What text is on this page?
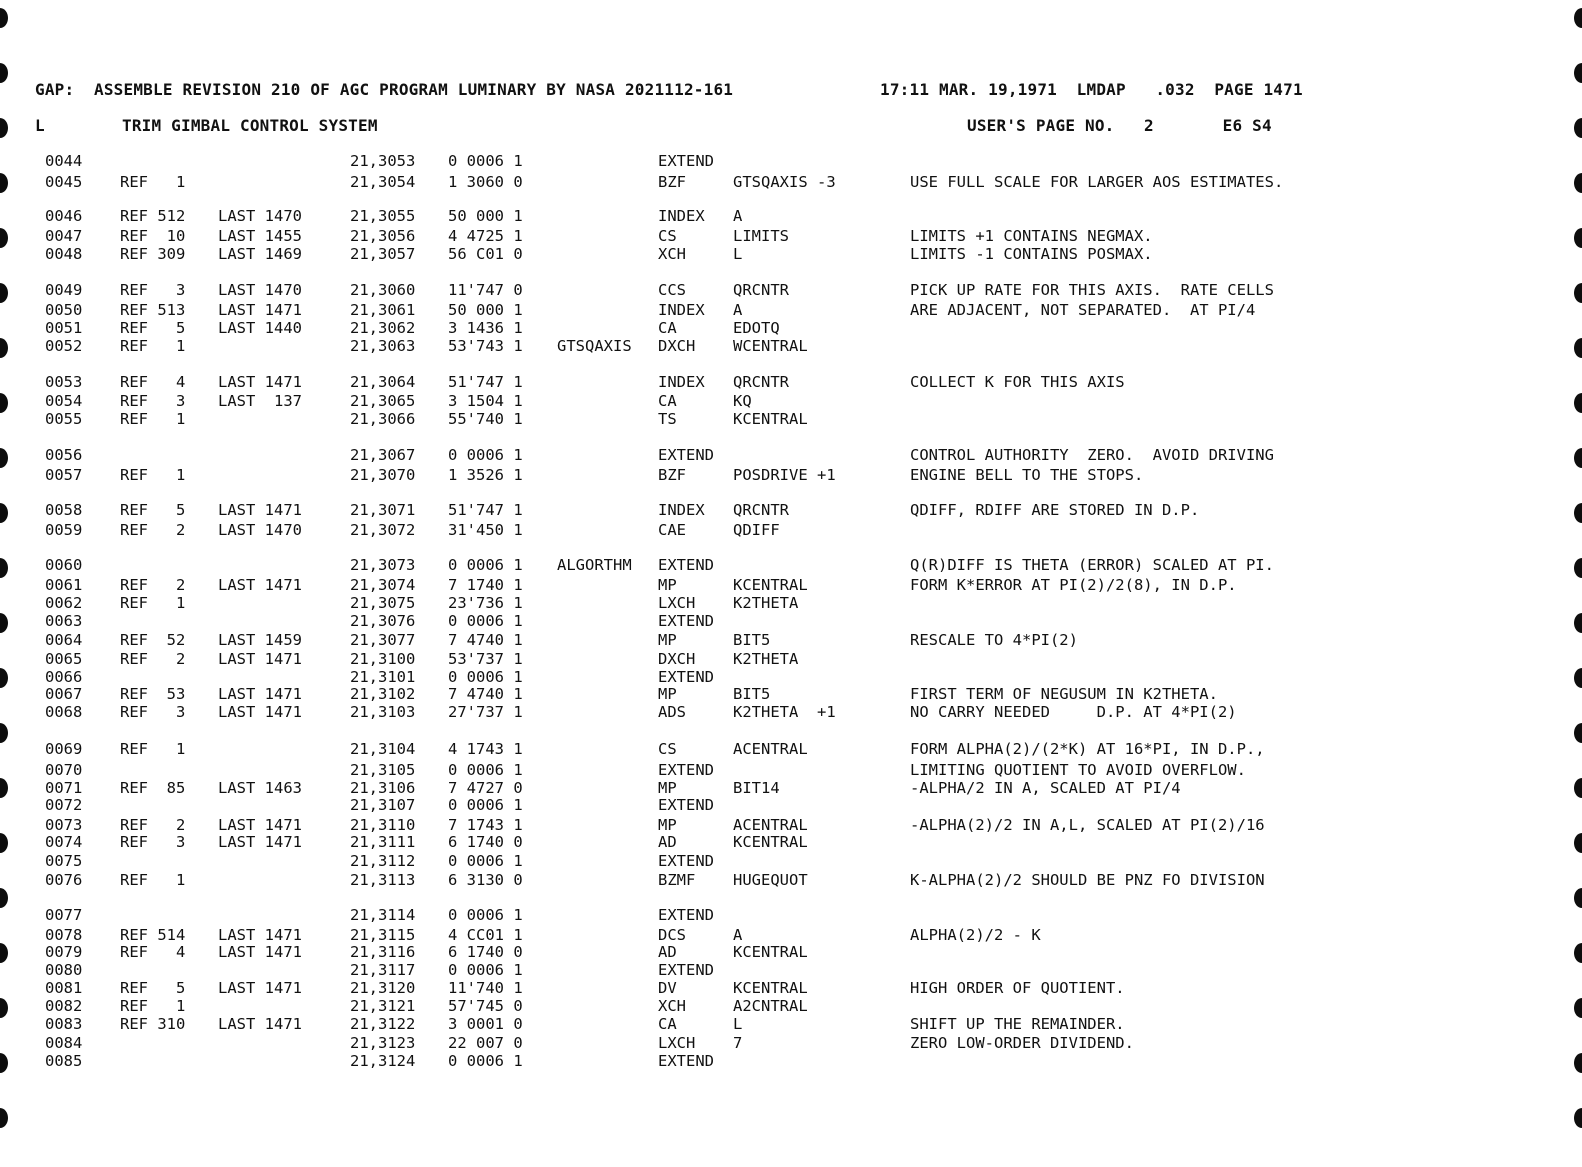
GAP:  ASSEMBLE REVISION 210 OF AGC PROGRAM LUMINARY BY NASA 2021112-161	17:11 MAR. 19,1971  LMDAP   .032  PAGE 1471
L	TRIM GIMBAL CONTROL SYSTEM	USER'S PAGE NO.   2       E6 S4
0044	21,3053 0 0006 1	EXTEND
0045 REF   1	21,3054 1 3060 0	BZF	GTSQAXIS -3	USE FULL SCALE FOR LARGER AOS ESTIMATES.
0046 REF 512 LAST 1470	21,3055 50 000 1	INDEX A
0047 REF  10 LAST 1455	21,3056 4 4725 1	CS	LIMITS	LIMITS +1 CONTAINS NEGMAX.
0048 REF 309 LAST 1469	21,3057 56 C01 0	XCH	L	LIMITS -1 CONTAINS POSMAX.
0049 REF   3 LAST 1470	21,3060 11'747 0	CCS	QRCNTR	PICK UP RATE FOR THIS AXIS.  RATE CELLS
0050 REF 513 LAST 1471	21,3061 50 000 1	INDEX A	ARE ADJACENT, NOT SEPARATED.  AT PI/4
0051 REF   5 LAST 1440	21,3062 3 1436 1	CA	EDOTQ
0052 REF   1	21,3063 53'743 1 GTSQAXIS DXCH WCENTRAL
0053 REF   4 LAST 1471	21,3064 51'747 1	INDEX QRCNTR	COLLECT K FOR THIS AXIS
0054 REF   3 LAST  137	21,3065 3 1504 1	CA	KQ
0055 REF   1	21,3066 55'740 1	TS	KCENTRAL
0056	21,3067 0 0006 1	EXTEND	CONTROL AUTHORITY  ZERO.  AVOID DRIVING
0057 REF   1	21,3070 1 3526 1	BZF	POSDRIVE +1	ENGINE BELL TO THE STOPS.
0058 REF   5 LAST 1471	21,3071 51'747 1	INDEX QRCNTR	QDIFF, RDIFF ARE STORED IN D.P.
0059 REF   2 LAST 1470	21,3072 31'450 1	CAE	QDIFF
0060	21,3073 0 0006 1 ALGORTHM EXTEND	Q(R)DIFF IS THETA (ERROR) SCALED AT PI.
0061 REF   2 LAST 1471	21,3074 7 1740 1	MP	KCENTRAL	FORM K*ERROR AT PI(2)/2(8), IN D.P.
0062 REF   1	21,3075 23'736 1	LXCH K2THETA
0063	21,3076 0 0006 1	EXTEND
0064 REF  52 LAST 1459	21,3077 7 4740 1	MP	BIT5	RESCALE TO 4*PI(2)
0065 REF   2 LAST 1471	21,3100 53'737 1	DXCH K2THETA
0066	21,3101 0 0006 1	EXTEND
0067 REF  53 LAST 1471	21,3102 7 4740 1	MP	BIT5	FIRST TERM OF NEGUSUM IN K2THETA.
0068 REF   3 LAST 1471	21,3103 27'737 1	ADS	K2THETA  +1	NO CARRY NEEDED     D.P. AT 4*PI(2)
0069 REF   1	21,3104 4 1743 1	CS	ACENTRAL	FORM ALPHA(2)/(2*K) AT 16*PI, IN D.P.,
0070	21,3105 0 0006 1	EXTEND	LIMITING QUOTIENT TO AVOID OVERFLOW.
0071 REF  85 LAST 1463	21,3106 7 4727 0	MP	BIT14	-ALPHA/2 IN A, SCALED AT PI/4
0072	21,3107 0 0006 1	EXTEND
0073 REF   2 LAST 1471	21,3110 7 1743 1	MP	ACENTRAL	-ALPHA(2)/2 IN A,L, SCALED AT PI(2)/16
0074 REF   3 LAST 1471	21,3111 6 1740 0	AD	KCENTRAL
0075	21,3112 0 0006 1	EXTEND
0076 REF   1	21,3113 6 3130 0	BZMF HUGEQUOT	K-ALPHA(2)/2 SHOULD BE PNZ FO DIVISION
0077	21,3114 0 0006 1	EXTEND
0078 REF 514 LAST 1471	21,3115 4 CC01 1	DCS	A	ALPHA(2)/2 - K
0079 REF   4 LAST 1471	21,3116 6 1740 0	AD	KCENTRAL
0080	21,3117 0 0006 1	EXTEND
0081 REF   5 LAST 1471	21,3120 11'740 1	DV	KCENTRAL	HIGH ORDER OF QUOTIENT.
0082 REF   1	21,3121 57'745 0	XCH	A2CNTRAL
0083 REF 310 LAST 1471	21,3122 3 0001 0	CA	L	SHIFT UP THE REMAINDER.
0084	21,3123 22 007 0	LXCH 7	ZERO LOW-ORDER DIVIDEND.
0085	21,3124 0 0006 1	EXTEND
